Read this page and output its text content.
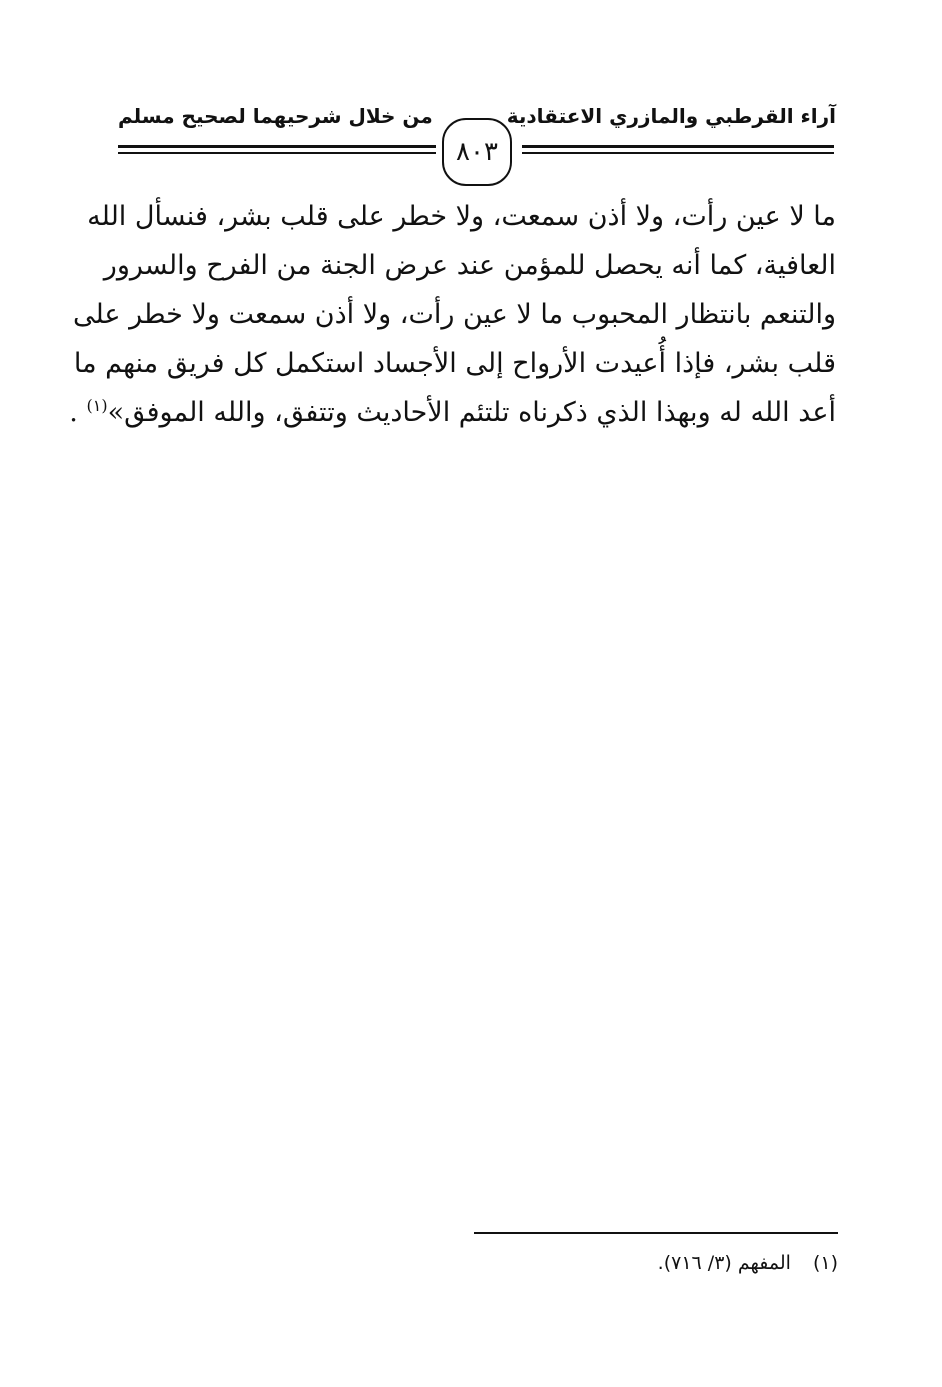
آراء القرطبي والمازري الاعتقادية
من خلال شرحيهما لصحيح مسلم
٨٠٣
ما لا عين رأت، ولا أذن سمعت، ولا خطر على قلب بشر، فنسأل الله
العافية، كما أنه يحصل للمؤمن عند عرض الجنة من الفرح والسرور
والتنعم بانتظار المحبوب ما لا عين رأت، ولا أذن سمعت ولا خطر على
قلب بشر، فإذا أُعيدت الأرواح إلى الأجساد استكمل كل فريق منهم ما
أعد الله له وبهذا الذي ذكرناه تلتئم الأحاديث وتتفق، والله الموفق»$^{(١)}$ .
(١)المفهم (٣/ ٧١٦).
